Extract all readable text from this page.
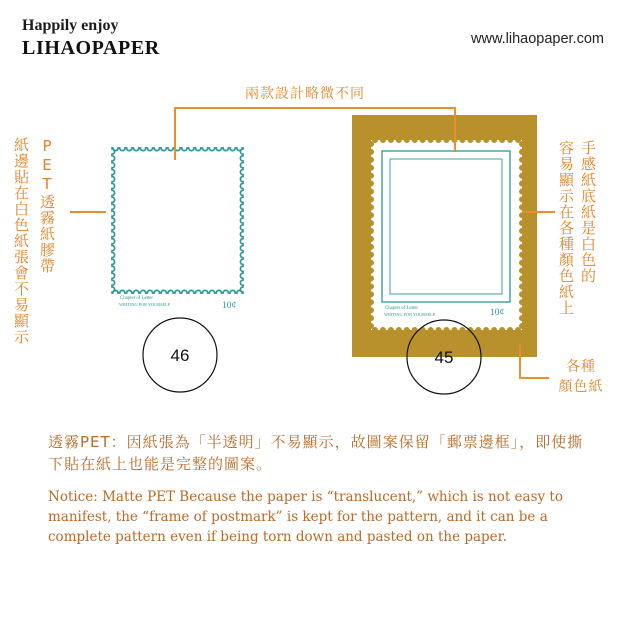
Chapter of Letter
WRITING FOR YOURSELF	10¢	Chapter of Letter
WRITING FOR YOURSELF	10¢
46	45
Happily enjoy
LIHAOPAPER	www.lihaopaper.com
兩款設計略微不同
PET透霧紙膠帶
紙邊貼在白色紙張會不易顯示	手感紙底紙是白色的
容易顯示在各種顏色紙上
各種
顏色紙
透霧PET：因紙張為「半透明」不易顯示，故圖案保留「郵票邊框」，即使撕
下貼在紙上也能是完整的圖案。
Notice: Matte PET Because the paper is “translucent,” which is not easy to
manifest, the “frame of postmark” is kept for the pattern, and it can be a
complete pattern even if being torn down and pasted on the paper.
